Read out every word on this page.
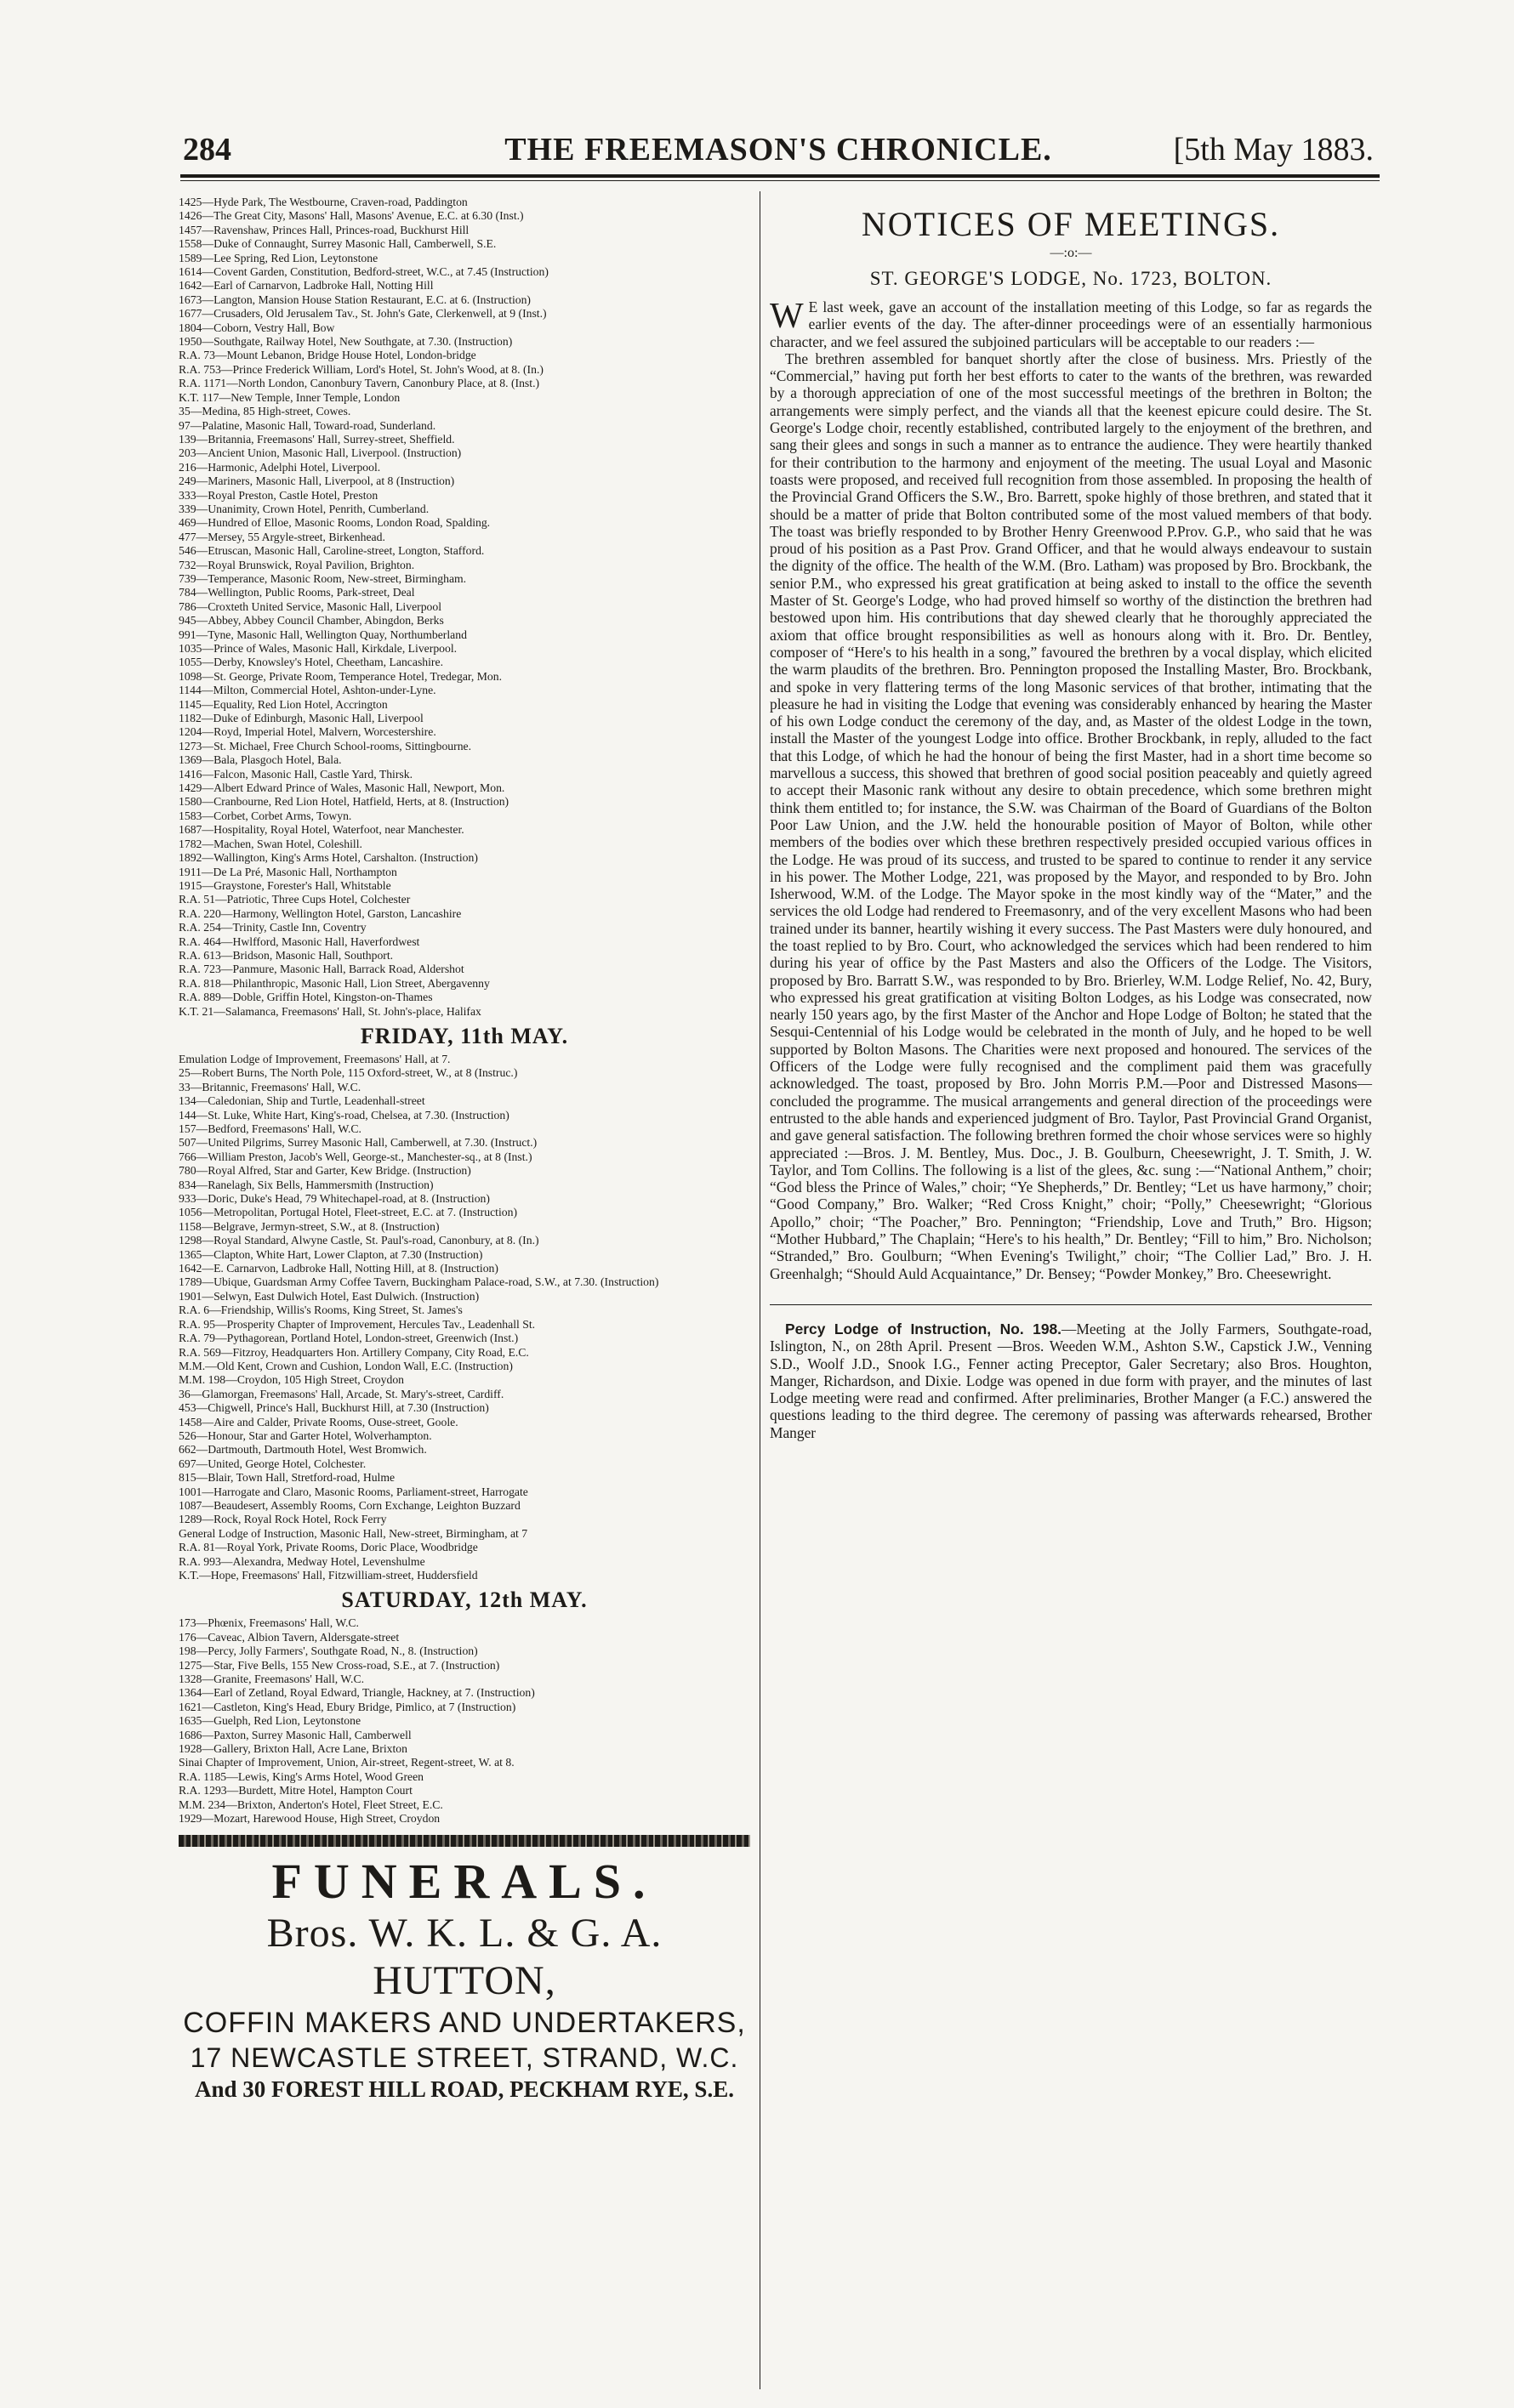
284	THE FREEMASON'S CHRONICLE.	[5th May 1883.
1425—Hyde Park, The Westbourne, Craven-road, Paddington
1426—The Great City, Masons' Hall, Masons' Avenue, E.C. at 6.30 (Inst.)
1457—Ravenshaw, Princes Hall, Princes-road, Buckhurst Hill
1558—Duke of Connaught, Surrey Masonic Hall, Camberwell, S.E.
1589—Lee Spring, Red Lion, Leytonstone
1614—Covent Garden, Constitution, Bedford-street, W.C., at 7.45 (Instruction)
1642—Earl of Carnarvon, Ladbroke Hall, Notting Hill
1673—Langton, Mansion House Station Restaurant, E.C. at 6. (Instruction)
1677—Crusaders, Old Jerusalem Tav., St. John's Gate, Clerkenwell, at 9 (Inst.)
1804—Coborn, Vestry Hall, Bow
1950—Southgate, Railway Hotel, New Southgate, at 7.30. (Instruction)
R.A. 73—Mount Lebanon, Bridge House Hotel, London-bridge
R.A. 753—Prince Frederick William, Lord's Hotel, St. John's Wood, at 8. (In.)
R.A. 1171—North London, Canonbury Tavern, Canonbury Place, at 8. (Inst.)
K.T. 117—New Temple, Inner Temple, London
35—Medina, 85 High-street, Cowes.
97—Palatine, Masonic Hall, Toward-road, Sunderland.
139—Britannia, Freemasons' Hall, Surrey-street, Sheffield.
203—Ancient Union, Masonic Hall, Liverpool. (Instruction)
216—Harmonic, Adelphi Hotel, Liverpool.
249—Mariners, Masonic Hall, Liverpool, at 8 (Instruction)
333—Royal Preston, Castle Hotel, Preston
339—Unanimity, Crown Hotel, Penrith, Cumberland.
469—Hundred of Elloe, Masonic Rooms, London Road, Spalding.
477—Mersey, 55 Argyle-street, Birkenhead.
546—Etruscan, Masonic Hall, Caroline-street, Longton, Stafford.
732—Royal Brunswick, Royal Pavilion, Brighton.
739—Temperance, Masonic Room, New-street, Birmingham.
784—Wellington, Public Rooms, Park-street, Deal
786—Croxteth United Service, Masonic Hall, Liverpool
945—Abbey, Abbey Council Chamber, Abingdon, Berks
991—Tyne, Masonic Hall, Wellington Quay, Northumberland
1035—Prince of Wales, Masonic Hall, Kirkdale, Liverpool.
1055—Derby, Knowsley's Hotel, Cheetham, Lancashire.
1098—St. George, Private Room, Temperance Hotel, Tredegar, Mon.
1144—Milton, Commercial Hotel, Ashton-under-Lyne.
1145—Equality, Red Lion Hotel, Accrington
1182—Duke of Edinburgh, Masonic Hall, Liverpool
1204—Royd, Imperial Hotel, Malvern, Worcestershire.
1273—St. Michael, Free Church School-rooms, Sittingbourne.
1369—Bala, Plasgoch Hotel, Bala.
1416—Falcon, Masonic Hall, Castle Yard, Thirsk.
1429—Albert Edward Prince of Wales, Masonic Hall, Newport, Mon.
1580—Cranbourne, Red Lion Hotel, Hatfield, Herts, at 8. (Instruction)
1583—Corbet, Corbet Arms, Towyn.
1687—Hospitality, Royal Hotel, Waterfoot, near Manchester.
1782—Machen, Swan Hotel, Coleshill.
1892—Wallington, King's Arms Hotel, Carshalton. (Instruction)
1911—De La Pré, Masonic Hall, Northampton
1915—Graystone, Forester's Hall, Whitstable
R.A. 51—Patriotic, Three Cups Hotel, Colchester
R.A. 220—Harmony, Wellington Hotel, Garston, Lancashire
R.A. 254—Trinity, Castle Inn, Coventry
R.A. 464—Hwlfford, Masonic Hall, Haverfordwest
R.A. 613—Bridson, Masonic Hall, Southport.
R.A. 723—Panmure, Masonic Hall, Barrack Road, Aldershot
R.A. 818—Philanthropic, Masonic Hall, Lion Street, Abergavenny
R.A. 889—Doble, Griffin Hotel, Kingston-on-Thames
K.T. 21—Salamanca, Freemasons' Hall, St. John's-place, Halifax
FRIDAY, 11th MAY.
Emulation Lodge of Improvement, Freemasons' Hall, at 7.
25—Robert Burns, The North Pole, 115 Oxford-street, W., at 8 (Instruc.)
33—Britannic, Freemasons' Hall, W.C.
134—Caledonian, Ship and Turtle, Leadenhall-street
144—St. Luke, White Hart, King's-road, Chelsea, at 7.30. (Instruction)
157—Bedford, Freemasons' Hall, W.C.
507—United Pilgrims, Surrey Masonic Hall, Camberwell, at 7.30. (Instruct.)
766—William Preston, Jacob's Well, George-st., Manchester-sq., at 8 (Inst.)
780—Royal Alfred, Star and Garter, Kew Bridge. (Instruction)
834—Ranelagh, Six Bells, Hammersmith (Instruction)
933—Doric, Duke's Head, 79 Whitechapel-road, at 8. (Instruction)
1056—Metropolitan, Portugal Hotel, Fleet-street, E.C. at 7. (Instruction)
1158—Belgrave, Jermyn-street, S.W., at 8. (Instruction)
1298—Royal Standard, Alwyne Castle, St. Paul's-road, Canonbury, at 8. (In.)
1365—Clapton, White Hart, Lower Clapton, at 7.30 (Instruction)
1642—E. Carnarvon, Ladbroke Hall, Notting Hill, at 8. (Instruction)
1789—Ubique, Guardsman Army Coffee Tavern, Buckingham Palace-road, S.W., at 7.30. (Instruction)
1901—Selwyn, East Dulwich Hotel, East Dulwich. (Instruction)
R.A. 6—Friendship, Willis's Rooms, King Street, St. James's
R.A. 95—Prosperity Chapter of Improvement, Hercules Tav., Leadenhall St.
R.A. 79—Pythagorean, Portland Hotel, London-street, Greenwich (Inst.)
R.A. 569—Fitzroy, Headquarters Hon. Artillery Company, City Road, E.C.
M.M.—Old Kent, Crown and Cushion, London Wall, E.C. (Instruction)
M.M. 198—Croydon, 105 High Street, Croydon
36—Glamorgan, Freemasons' Hall, Arcade, St. Mary's-street, Cardiff.
453—Chigwell, Prince's Hall, Buckhurst Hill, at 7.30 (Instruction)
1458—Aire and Calder, Private Rooms, Ouse-street, Goole.
526—Honour, Star and Garter Hotel, Wolverhampton.
662—Dartmouth, Dartmouth Hotel, West Bromwich.
697—United, George Hotel, Colchester.
815—Blair, Town Hall, Stretford-road, Hulme
1001—Harrogate and Claro, Masonic Rooms, Parliament-street, Harrogate
1087—Beaudesert, Assembly Rooms, Corn Exchange, Leighton Buzzard
1289—Rock, Royal Rock Hotel, Rock Ferry
General Lodge of Instruction, Masonic Hall, New-street, Birmingham, at 7
R.A. 81—Royal York, Private Rooms, Doric Place, Woodbridge
R.A. 993—Alexandra, Medway Hotel, Levenshulme
K.T.—Hope, Freemasons' Hall, Fitzwilliam-street, Huddersfield
SATURDAY, 12th MAY.
173—Phœnix, Freemasons' Hall, W.C.
176—Caveac, Albion Tavern, Aldersgate-street
198—Percy, Jolly Farmers', Southgate Road, N., 8. (Instruction)
1275—Star, Five Bells, 155 New Cross-road, S.E., at 7. (Instruction)
1328—Granite, Freemasons' Hall, W.C.
1364—Earl of Zetland, Royal Edward, Triangle, Hackney, at 7. (Instruction)
1621—Castleton, King's Head, Ebury Bridge, Pimlico, at 7 (Instruction)
1635—Guelph, Red Lion, Leytonstone
1686—Paxton, Surrey Masonic Hall, Camberwell
1928—Gallery, Brixton Hall, Acre Lane, Brixton
Sinai Chapter of Improvement, Union, Air-street, Regent-street, W. at 8.
R.A. 1185—Lewis, King's Arms Hotel, Wood Green
R.A. 1293—Burdett, Mitre Hotel, Hampton Court
M.M. 234—Brixton, Anderton's Hotel, Fleet Street, E.C.
1929—Mozart, Harewood House, High Street, Croydon
FUNERALS.
Bros. W. K. L. & G. A. HUTTON,
COFFIN MAKERS AND UNDERTAKERS,
17 NEWCASTLE STREET, STRAND, W.C.
And 30 FOREST HILL ROAD, PECKHAM RYE, S.E.
NOTICES OF MEETINGS.
—:o:—
ST. GEORGE'S LODGE, No. 1723, BOLTON.

W E last week, gave an account of the installation meeting of this Lodge, so far as regards the earlier events of the day. The after-dinner proceedings were of an essentially harmonious character, and we feel assured the subjoined particulars will be acceptable to our readers :—

The brethren assembled for banquet shortly after the close of business. Mrs. Priestly of the “Commercial,” having put forth her best efforts to cater to the wants of the brethren, was rewarded by a thorough appreciation of one of the most successful meetings of the brethren in Bolton; the arrangements were simply perfect, and the viands all that the keenest epicure could desire. The St. George's Lodge choir, recently established, contributed largely to the enjoyment of the brethren, and sang their glees and songs in such a manner as to entrance the audience. They were heartily thanked for their contribution to the harmony and enjoyment of the meeting. The usual Loyal and Masonic toasts were proposed, and received full recognition from those assembled. In proposing the health of the Provincial Grand Officers the S.W., Bro. Barrett, spoke highly of those brethren, and stated that it should be a matter of pride that Bolton contributed some of the most valued members of that body. The toast was briefly responded to by Brother Henry Greenwood P.Prov. G.P., who said that he was proud of his position as a Past Prov. Grand Officer, and that he would always endeavour to sustain the dignity of the office. The health of the W.M. (Bro. Latham) was proposed by Bro. Brockbank, the senior P.M., who expressed his great gratification at being asked to install to the office the seventh Master of St. George's Lodge, who had proved himself so worthy of the distinction the brethren had bestowed upon him. His contributions that day shewed clearly that he thoroughly appreciated the axiom that office brought responsibilities as well as honours along with it. Bro. Dr. Bentley, composer of “Here's to his health in a song,” favoured the brethren by a vocal display, which elicited the warm plaudits of the brethren. Bro. Pennington proposed the Installing Master, Bro. Brockbank, and spoke in very flattering terms of the long Masonic services of that brother, intimating that the pleasure he had in visiting the Lodge that evening was considerably enhanced by hearing the Master of his own Lodge conduct the ceremony of the day, and, as Master of the oldest Lodge in the town, install the Master of the youngest Lodge into office. Brother Brockbank, in reply, alluded to the fact that this Lodge, of which he had the honour of being the first Master, had in a short time become so marvellous a success, this showed that brethren of good social position peaceably and quietly agreed to accept their Masonic rank without any desire to obtain precedence, which some brethren might think them entitled to; for instance, the S.W. was Chairman of the Board of Guardians of the Bolton Poor Law Union, and the J.W. held the honourable position of Mayor of Bolton, while other members of the bodies over which these brethren respectively presided occupied various offices in the Lodge. He was proud of its success, and trusted to be spared to continue to render it any service in his power. The Mother Lodge, 221, was proposed by the Mayor, and responded to by Bro. John Isherwood, W.M. of the Lodge. The Mayor spoke in the most kindly way of the “Mater,” and the services the old Lodge had rendered to Freemasonry, and of the very excellent Masons who had been trained under its banner, heartily wishing it every success. The Past Masters were duly honoured, and the toast replied to by Bro. Court, who acknowledged the services which had been rendered to him during his year of office by the Past Masters and also the Officers of the Lodge. The Visitors, proposed by Bro. Barratt S.W., was responded to by Bro. Brierley, W.M. Lodge Relief, No. 42, Bury, who expressed his great gratification at visiting Bolton Lodges, as his Lodge was consecrated, now nearly 150 years ago, by the first Master of the Anchor and Hope Lodge of Bolton; he stated that the Sesqui-Centennial of his Lodge would be celebrated in the month of July, and he hoped to be well supported by Bolton Masons. The Charities were next proposed and honoured. The services of the Officers of the Lodge were fully recognised and the compliment paid them was gracefully acknowledged. The toast, proposed by Bro. John Morris P.M.—Poor and Distressed Masons—concluded the programme. The musical arrangements and general direction of the proceedings were entrusted to the able hands and experienced judgment of Bro. Taylor, Past Provincial Grand Organist, and gave general satisfaction. The following brethren formed the choir whose services were so highly appreciated :—Bros. J. M. Bentley, Mus. Doc., J. B. Goulburn, Cheesewright, J. T. Smith, J. W. Taylor, and Tom Collins. The following is a list of the glees, &c. sung :—“National Anthem,” choir; “God bless the Prince of Wales,” choir; “Ye Shepherds,” Dr. Bentley; “Let us have harmony,” choir; “Good Company,” Bro. Walker; “Red Cross Knight,” choir; “Polly,” Cheesewright; “Glorious Apollo,” choir; “The Poacher,” Bro. Pennington; “Friendship, Love and Truth,” Bro. Higson; “Mother Hubbard,” The Chaplain; “Here's to his health,” Dr. Bentley; “Fill to him,” Bro. Nicholson; “Stranded,” Bro. Goulburn; “When Evening's Twilight,” choir; “The Collier Lad,” Bro. J. H. Greenhalgh; “Should Auld Acquaintance,” Dr. Bensey; “Powder Monkey,” Bro. Cheesewright.

Percy Lodge of Instruction, No. 198.—Meeting at the Jolly Farmers, Southgate-road, Islington, N., on 28th April. Present —Bros. Weeden W.M., Ashton S.W., Capstick J.W., Venning S.D., Woolf J.D., Snook I.G., Fenner acting Preceptor, Galer Secretary; also Bros. Houghton, Manger, Richardson, and Dixie. Lodge was opened in due form with prayer, and the minutes of last Lodge meeting were read and confirmed. After preliminaries, Brother Manger (a F.C.) answered the questions leading to the third degree. The ceremony of passing was afterwards rehearsed, Brother Manger
